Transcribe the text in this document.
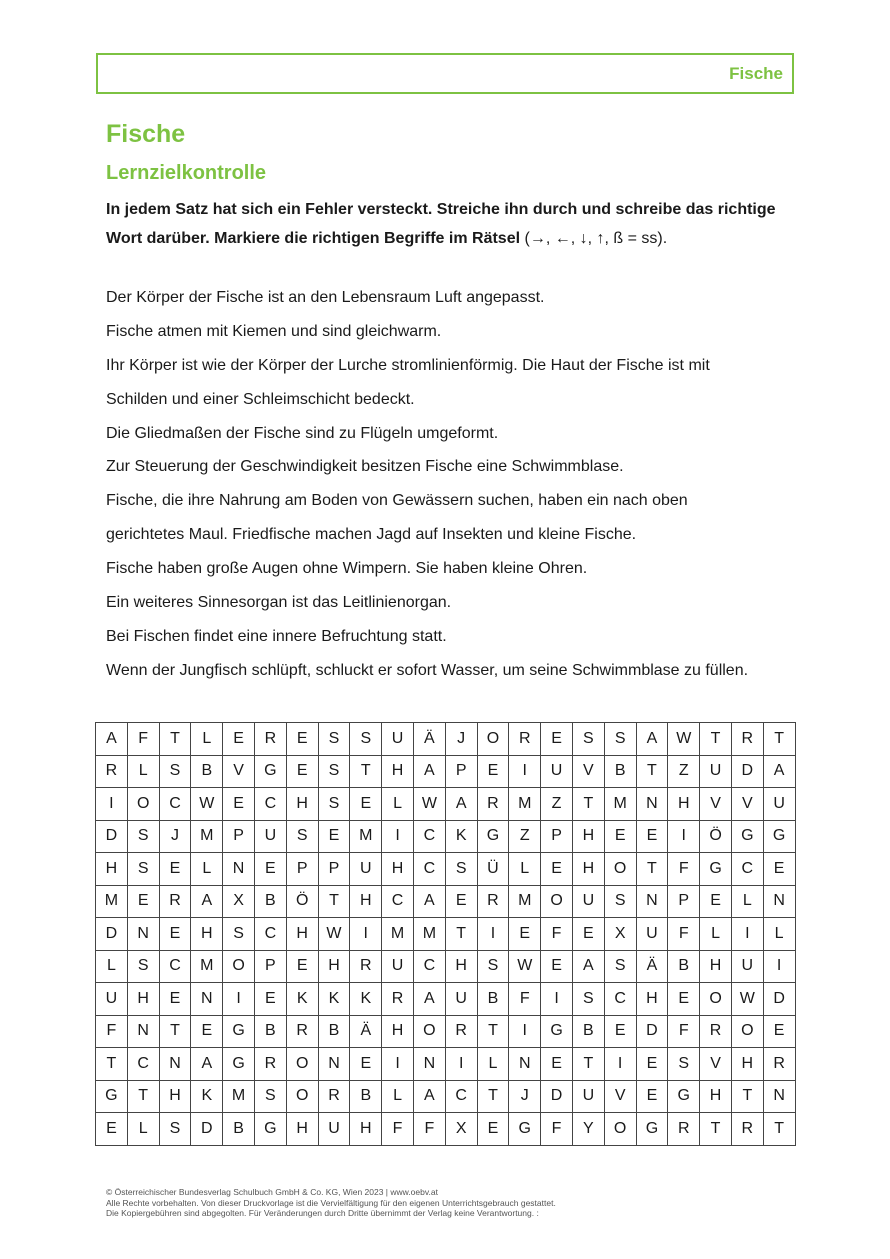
Fische
Fische
Lernzielkontrolle

In jedem Satz hat sich ein Fehler versteckt. Streiche ihn durch und schreibe das richtige Wort darüber. Markiere die richtigen Begriffe im Rätsel (→, ←, ↓, ↑, ß = ss).

Der Körper der Fische ist an den Lebensraum Luft angepasst.
Fische atmen mit Kiemen und sind gleichwarm.
Ihr Körper ist wie der Körper der Lurche stromlinienförmig. Die Haut der Fische ist mit
Schilden und einer Schleimschicht bedeckt.
Die Gliedmaßen der Fische sind zu Flügeln umgeformt.
Zur Steuerung der Geschwindigkeit besitzen Fische eine Schwimmblase.
Fische, die ihre Nahrung am Boden von Gewässern suchen, haben ein nach oben
gerichtetes Maul. Friedfische machen Jagd auf Insekten und kleine Fische.
Fische haben große Augen ohne Wimpern. Sie haben kleine Ohren.
Ein weiteres Sinnesorgan ist das Leitlinienorgan.
Bei Fischen findet eine innere Befruchtung statt.
Wenn der Jungfisch schlüpft, schluckt er sofort Wasser, um seine Schwimmblase zu füllen.
A	F	T	L	E	R	E	S	S	U	Ä	J	O	R	E	S	S	A	W	T	R	T
R	L	S	B	V	G	E	S	T	H	A	P	E	I	U	V	B	T	Z	U	D	A
I	O	C	W	E	C	H	S	E	L	W	A	R	M	Z	T	M	N	H	V	V	U
D	S	J	M	P	U	S	E	M	I	C	K	G	Z	P	H	E	E	I	Ö	G	G
H	S	E	L	N	E	P	P	U	H	C	S	Ü	L	E	H	O	T	F	G	C	E
M	E	R	A	X	B	Ö	T	H	C	A	E	R	M	O	U	S	N	P	E	L	N
D	N	E	H	S	C	H	W	I	M	M	T	I	E	F	E	X	U	F	L	I	L
L	S	C	M	O	P	E	H	R	U	C	H	S	W	E	A	S	Ä	B	H	U	I
U	H	E	N	I	E	K	K	K	R	A	U	B	F	I	S	C	H	E	O	W	D
F	N	T	E	G	B	R	B	Ä	H	O	R	T	I	G	B	E	D	F	R	O	E
T	C	N	A	G	R	O	N	E	I	N	I	L	N	E	T	I	E	S	V	H	R
G	T	H	K	M	S	O	R	B	L	A	C	T	J	D	U	V	E	G	H	T	N
E	L	S	D	B	G	H	U	H	F	F	X	E	G	F	Y	O	G	R	T	R	T
© Österreichischer Bundesverlag Schulbuch GmbH & Co. KG, Wien 2023 | www.oebv.at
Alle Rechte vorbehalten. Von dieser Druckvorlage ist die Vervielfältigung für den eigenen Unterrichtsgebrauch gestattet.
Die Kopiergebühren sind abgegolten. Für Veränderungen durch Dritte übernimmt der Verlag keine Verantwortung. :
